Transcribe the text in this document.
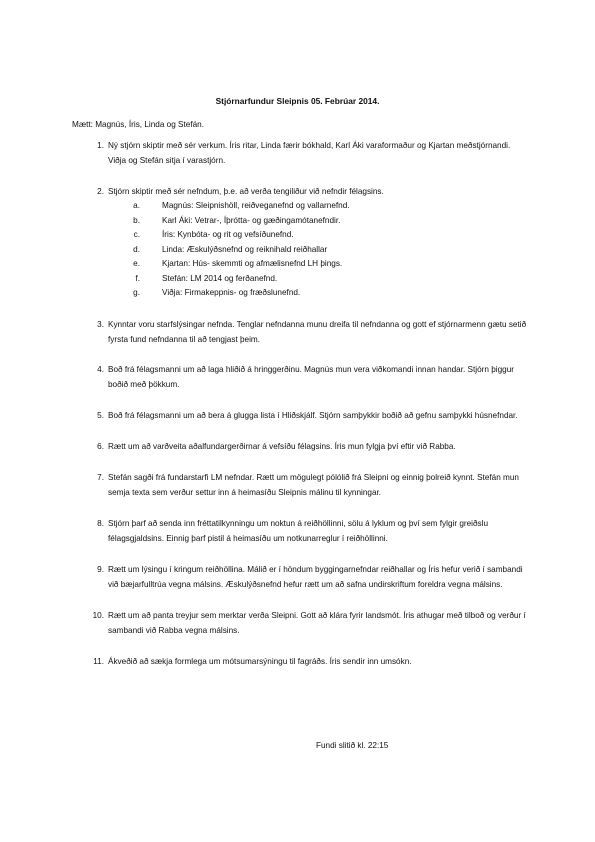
Stjórnarfundur Sleipnis 05. Febrúar 2014.
Mætt: Magnús, Íris, Linda og Stefán.
1. Ný stjórn skiptir með sér verkum. Íris ritar, Linda færir bókhald, Karl Áki varaformaður og Kjartan meðstjórnandi. Viðja og Stefán sitja í varastjórn.
2. Stjórn skiptir með sér nefndum, þ.e. að verða tengiliður við nefndir félagsins.
a.	Magnús: Sleipnishöll, reiðveganefnd og vallarnefnd.
b.	Karl Áki: Vetrar-, Íþrótta- og gæðingamótanefndir.
c.	Íris: Kynbóta- og rit og vefsíðunefnd.
d.	Linda: Æskulýðsnefnd og reiknihald reiðhallar
e.	Kjartan: Hús- skemmti og afmælisnefnd LH þings.
f.	Stefán: LM 2014 og ferðanefnd.
g.	Viðja: Firmakeppnis- og fræðslunefnd.
3. Kynntar voru starfslýsingar nefnda. Tenglar nefndanna munu dreifa til nefndanna og gott ef stjórnarmenn gætu setið fyrsta fund nefndanna til að tengjast þeim.
4. Boð frá félagsmanni um að laga hliðið á hringgerðinu. Magnús mun vera viðkomandi innan handar. Stjórn þiggur boðið með þökkum.
5. Boð frá félagsmanni um að bera á glugga lista í Hliðskjálf. Stjórn samþykkir boðið að gefnu samþykki húsnefndar.
6. Rætt um að varðveita aðalfundargerðirnar á vefsíðu félagsins. Íris mun fylgja því eftir við Rabba.
7. Stefán sagði frá fundarstarfi LM nefndar. Rætt um mögulegt pólólið frá Sleipni og einnig þolreið kynnt. Stefán mun semja texta sem verður settur inn á heimasíðu Sleipnis málinu til kynningar.
8. Stjórn þarf að senda inn fréttatilkynningu um noktun á reiðhöllinni, sölu á lyklum og því sem fylgir greiðslu félagsgjaldsins. Einnig þarf pistil á heimasíðu um notkunarreglur í reiðhöllinni.
9. Rætt um lýsingu í kringum reiðhöllina. Málið er í höndum byggingarnefndar reiðhallar og Íris hefur verið í sambandi við bæjarfulltrúa vegna málsins. Æskulýðsnefnd hefur rætt um að safna undirskriftum foreldra vegna málsins.
10. Rætt um að panta treyjur sem merktar verða Sleipni. Gott að klára fyrir landsmót. Íris athugar með tilboð og verður í sambandi við Rabba vegna málsins.
11. Ákveðið að sækja formlega um mótsumarsýningu til fagráðs. Íris sendir inn umsókn.
Fundi slitið kl. 22:15
